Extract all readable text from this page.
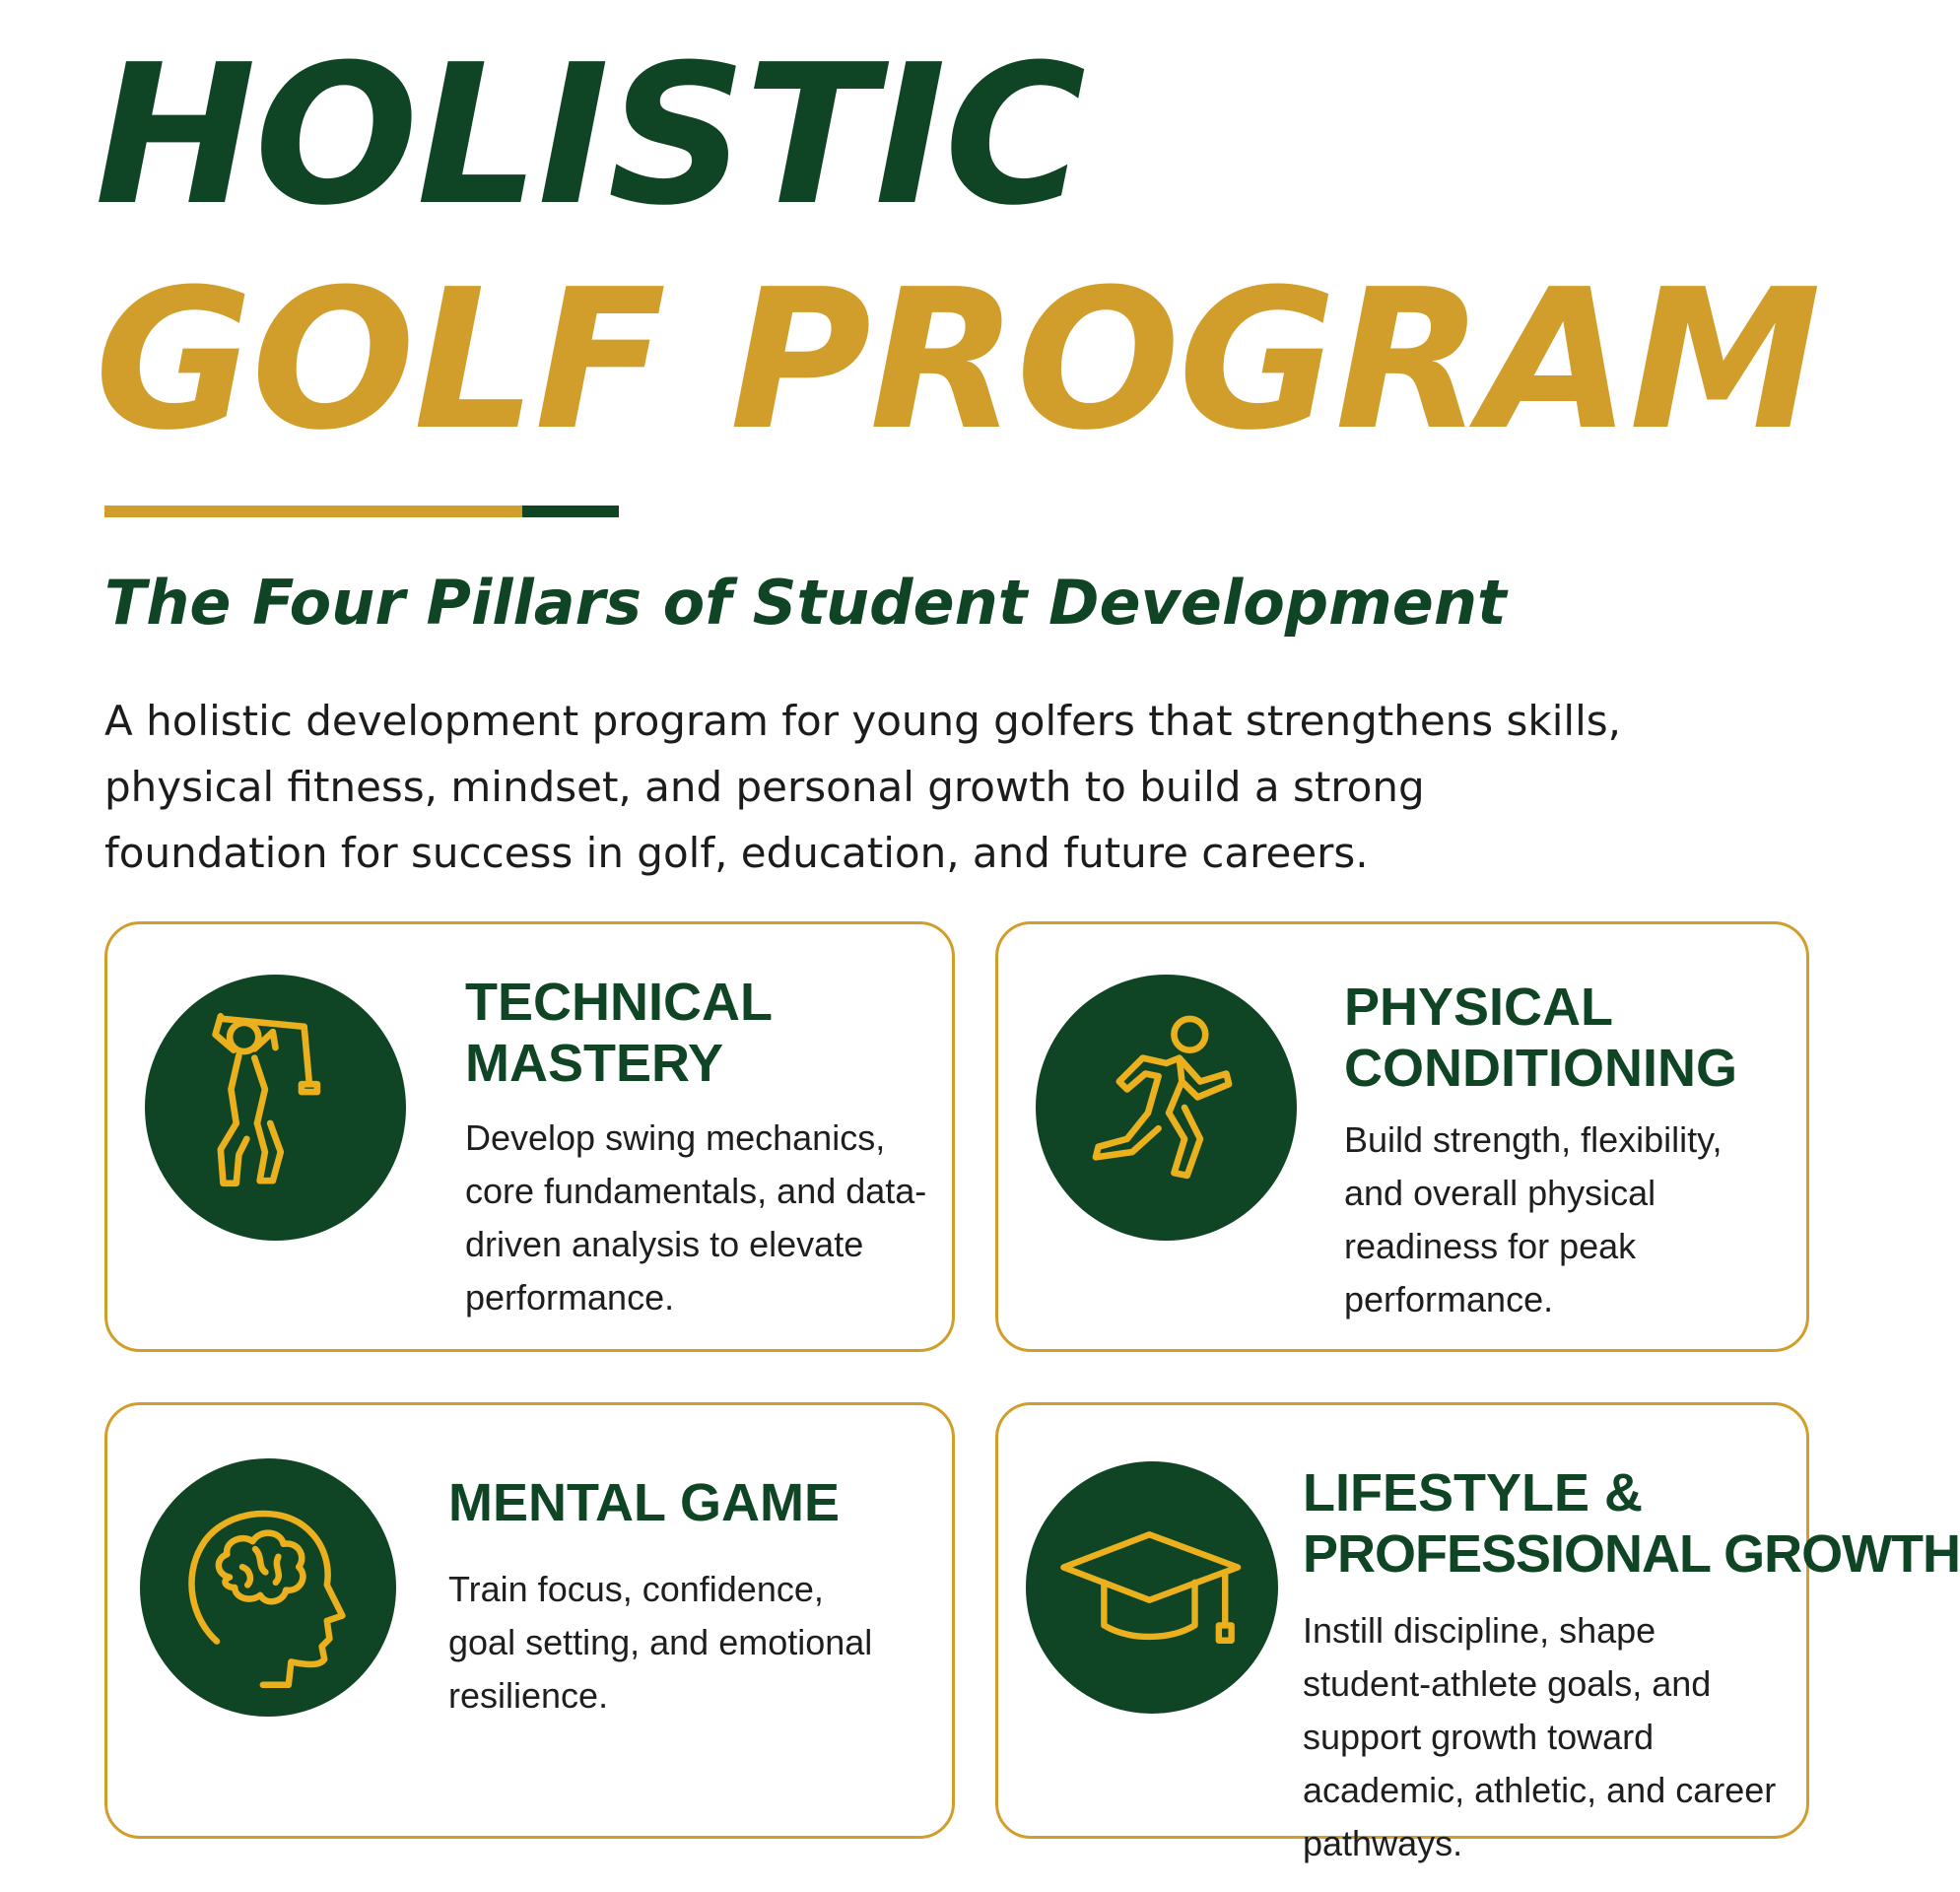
HOLISTIC
GOLF PROGRAM
The Four Pillars of Student Development

A holistic development program for young golfers that strengthens skills, physical fitness, mindset, and personal growth to build a strong foundation for success in golf, education, and future careers.

TECHNICAL
MASTERY

Develop swing mechanics, core fundamentals, and data-driven analysis to elevate performance.

PHYSICAL
CONDITIONING

Build strength, flexibility, and overall physical readiness for peak performance.

MENTAL GAME

Train focus, confidence, goal setting, and emotional resilience.

LIFESTYLE &
PROFESSIONAL GROWTH

Instill discipline, shape student-athlete goals, and support growth toward academic, athletic, and career pathways.
